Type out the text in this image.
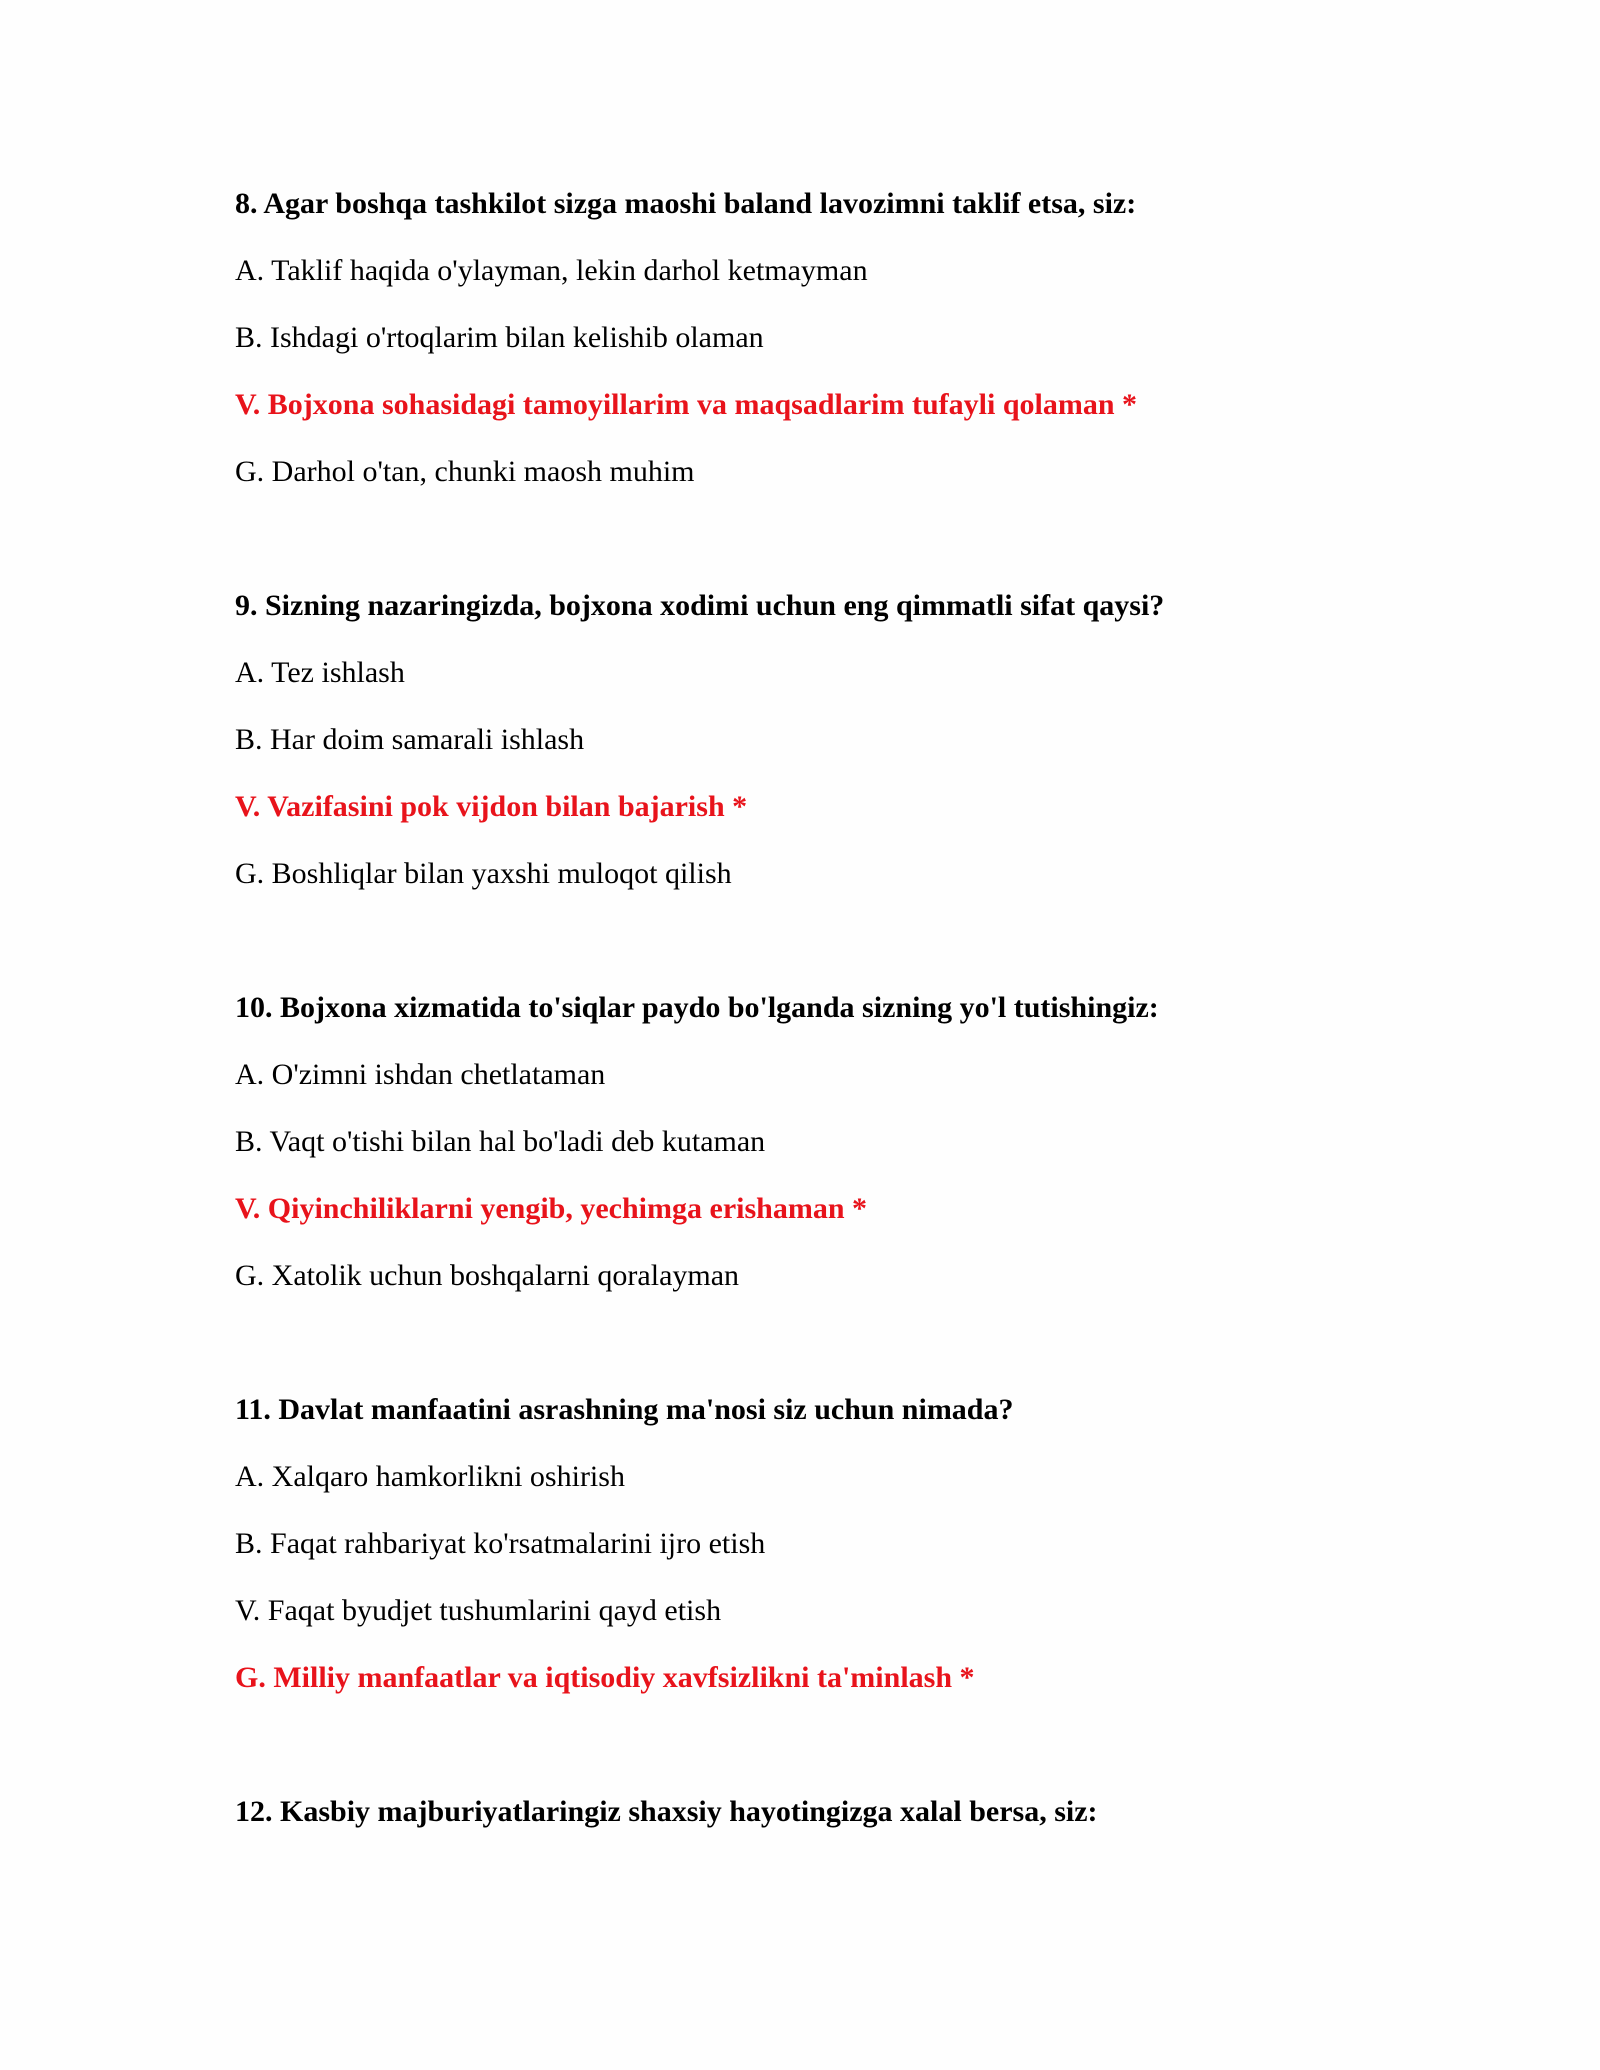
8. Agar boshqa tashkilot sizga maoshi baland lavozimni taklif etsa, siz:
A. Taklif haqida o'ylayman, lekin darhol ketmayman
B. Ishdagi o'rtoqlarim bilan kelishib olaman
V. Bojxona sohasidagi tamoyillarim va maqsadlarim tufayli qolaman *
G. Darhol o'tan, chunki maosh muhim
9. Sizning nazaringizda, bojxona xodimi uchun eng qimmatli sifat qaysi?
A. Tez ishlash
B. Har doim samarali ishlash
V. Vazifasini pok vijdon bilan bajarish *
G. Boshliqlar bilan yaxshi muloqot qilish
10. Bojxona xizmatida to'siqlar paydo bo'lganda sizning yo'l tutishingiz:
A. O'zimni ishdan chetlataman
B. Vaqt o'tishi bilan hal bo'ladi deb kutaman
V. Qiyinchiliklarni yengib, yechimga erishaman *
G. Xatolik uchun boshqalarni qoralayman
11. Davlat manfaatini asrashning ma'nosi siz uchun nimada?
A. Xalqaro hamkorlikni oshirish
B. Faqat rahbariyat ko'rsatmalarini ijro etish
V. Faqat byudjet tushumlarini qayd etish
G. Milliy manfaatlar va iqtisodiy xavfsizlikni ta'minlash *
12. Kasbiy majburiyatlaringiz shaxsiy hayotingizga xalal bersa, siz:
